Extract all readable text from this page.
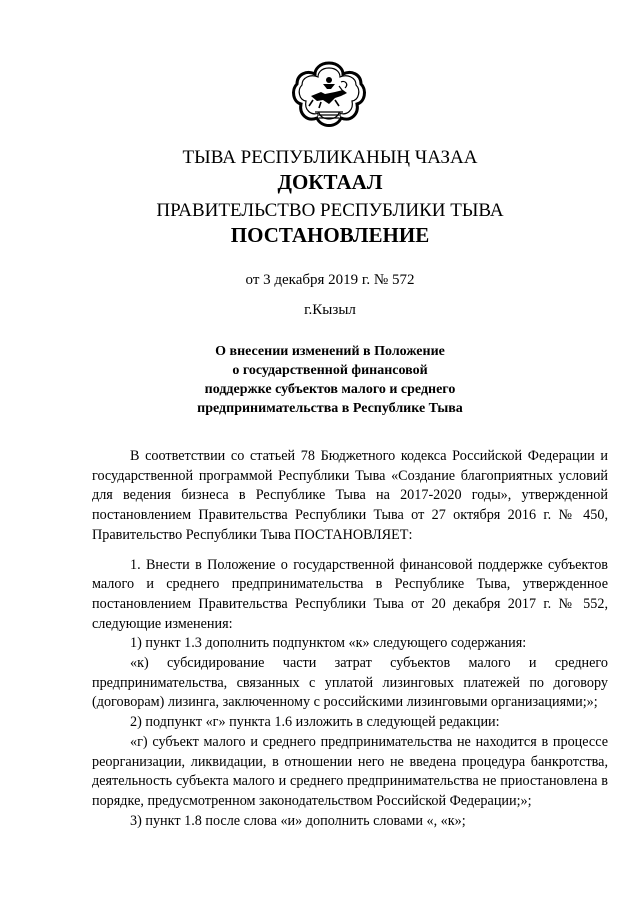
ТЫВА РЕСПУБЛИКАНЫҢ ЧАЗАА
ДОКТААЛ
ПРАВИТЕЛЬСТВО РЕСПУБЛИКИ ТЫВА
ПОСТАНОВЛЕНИЕ
от 3 декабря 2019 г. № 572
г.Кызыл
О внесении изменений в Положение
о государственной финансовой
поддержке субъектов малого и среднего
предпринимательства в Республике Тыва

В соответствии со статьей 78 Бюджетного кодекса Российской Федерации и государственной программой Республики Тыва «Создание благоприятных условий для ведения бизнеса в Республике Тыва на 2017-2020 годы», утвержденной постановлением Правительства Республики Тыва от 27 октября 2016 г. № 450, Правительство Республики Тыва ПОСТАНОВЛЯЕТ:

1. Внести в Положение о государственной финансовой поддержке субъектов малого и среднего предпринимательства в Республике Тыва, утвержденное постановлением Правительства Республики Тыва от 20 декабря 2017 г. № 552, следующие изменения:

1) пункт 1.3 дополнить подпунктом «к» следующего содержания:

«к) субсидирование части затрат субъектов малого и среднего предпринимательства, связанных с уплатой лизинговых платежей по договору (договорам) лизинга, заключенному с российскими лизинговыми организациями;»;

2) подпункт «г» пункта 1.6 изложить в следующей редакции:

«г) субъект малого и среднего предпринимательства не находится в процессе реорганизации, ликвидации, в отношении него не введена процедура банкротства, деятельность субъекта малого и среднего предпринимательства не приостановлена в порядке, предусмотренном законодательством Российской Федерации;»;

3) пункт 1.8 после слова «и» дополнить словами «, «к»;
